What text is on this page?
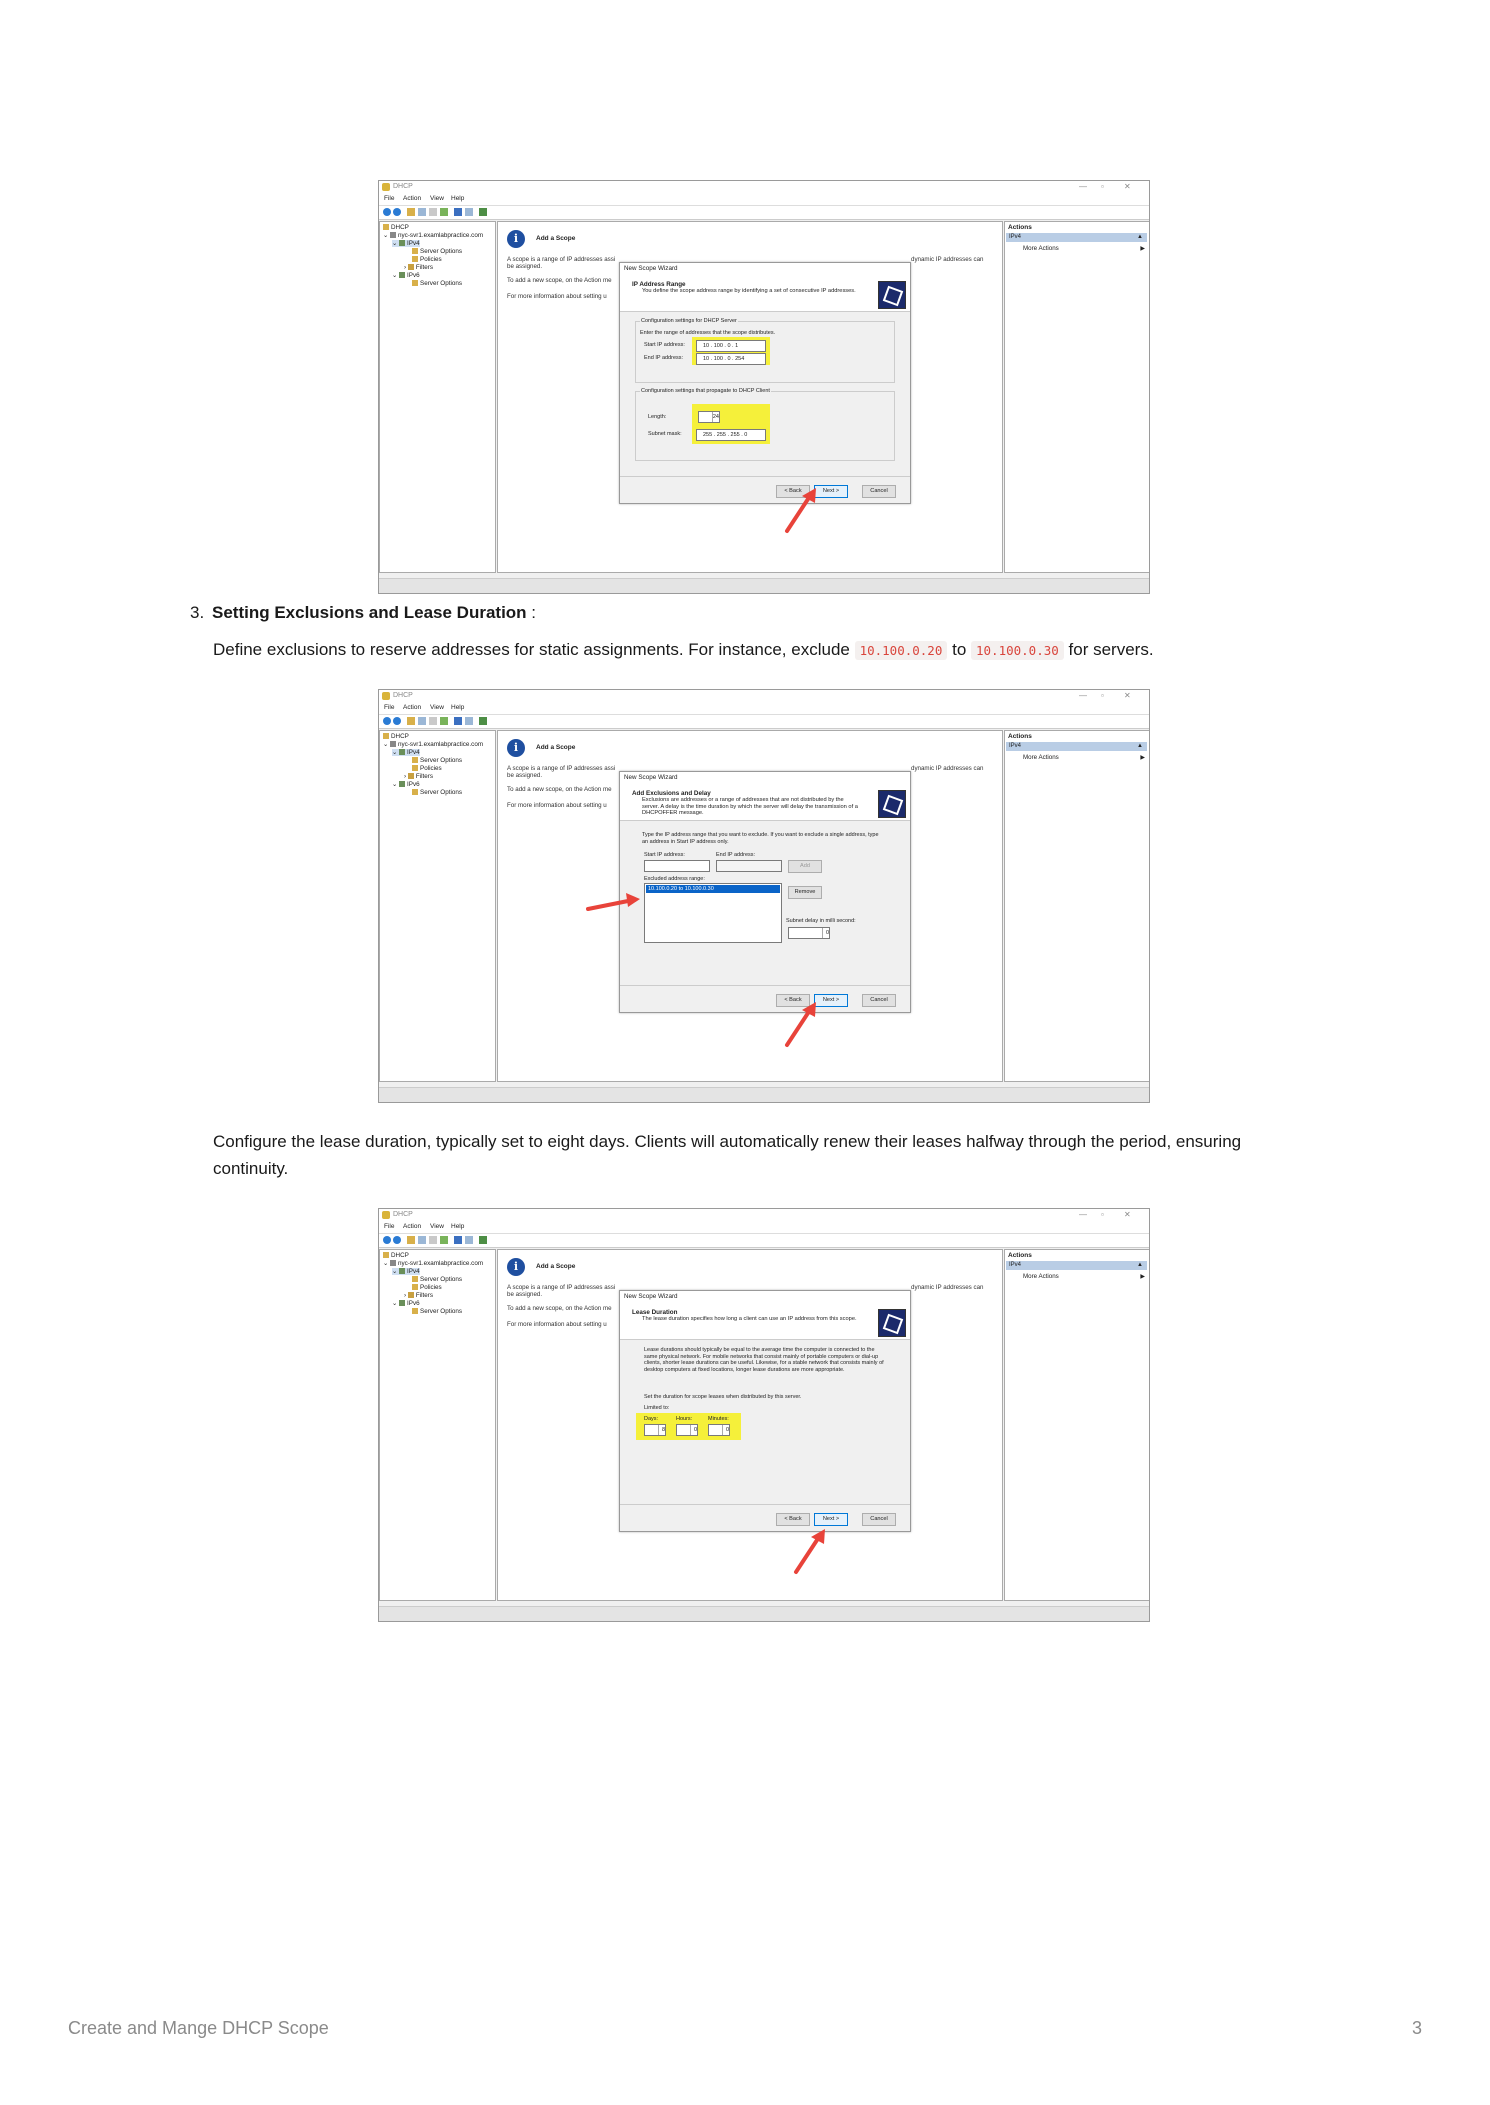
DHCP	— ▫	✕
File Action View Help
DHCP
⌄ nyc-svr1.examlabpractice.com
⌄ IPv4
Server Options
Policies
› Filters
⌄ IPv6
Server Options
i	Add a Scope
A scope is a range of IP addresses assi	dynamic IP addresses can
be assigned.
To add a new scope, on the Action me
For more information about setting u
Actions
IPv4	▲
More Actions	▶
New Scope Wizard
IP Address Range
You define the scope address range by identifying a set of consecutive IP addresses.
Configuration settings for DHCP Server
Enter the range of addresses that the scope distributes.
Start IP address:	10 . 100 . 0 . 1
End IP address:	10 . 100 . 0 . 254
Configuration settings that propagate to DHCP Client
Length:	24
Subnet mask:	255 . 255 . 255 . 0
< Back	Next >	Cancel
3. Setting Exclusions and Lease Duration :
Define exclusions to reserve addresses for static assignments. For instance, exclude 10.100.0.20 to 10.100.0.30 for servers.
DHCP	— ▫	✕
File Action View Help
DHCP
⌄ nyc-svr1.examlabpractice.com
⌄ IPv4
Server Options
Policies
› Filters
⌄ IPv6
Server Options
i	Add a Scope
A scope is a range of IP addresses assi	dynamic IP addresses can
be assigned.
To add a new scope, on the Action me
For more information about setting u
Actions
IPv4	▲
More Actions	▶
New Scope Wizard
Add Exclusions and Delay
Exclusions are addresses or a range of addresses that are not distributed by the server. A delay is the time duration by which the server will delay the transmission of a DHCPOFFER message.
Type the IP address range that you want to exclude. If you want to exclude a single address, type an address in Start IP address only.
Start IP address:	End IP address:
Add
Excluded address range:
10.100.0.20 to 10.100.0.30	Remove
Subnet delay in milli second:
0
< Back	Next >	Cancel
Configure the lease duration, typically set to eight days. Clients will automatically renew their leases halfway through the period, ensuring continuity.
DHCP	— ▫	✕
File Action View Help
DHCP
⌄ nyc-svr1.examlabpractice.com
⌄ IPv4
Server Options
Policies
› Filters
⌄ IPv6
Server Options
i	Add a Scope
A scope is a range of IP addresses assi	dynamic IP addresses can
be assigned.
To add a new scope, on the Action me
For more information about setting u
Actions
IPv4	▲
More Actions	▶
New Scope Wizard
Lease Duration
The lease duration specifies how long a client can use an IP address from this scope.
Lease durations should typically be equal to the average time the computer is connected to the same physical network. For mobile networks that consist mainly of portable computers or dial-up clients, shorter lease durations can be useful. Likewise, for a stable network that consists mainly of desktop computers at fixed locations, longer lease durations are more appropriate.
Set the duration for scope leases when distributed by this server.
Limited to:
Days:
8
Hours:
0
Minutes:
0
< Back	Next >	Cancel
Create and Mange DHCP Scope	3
